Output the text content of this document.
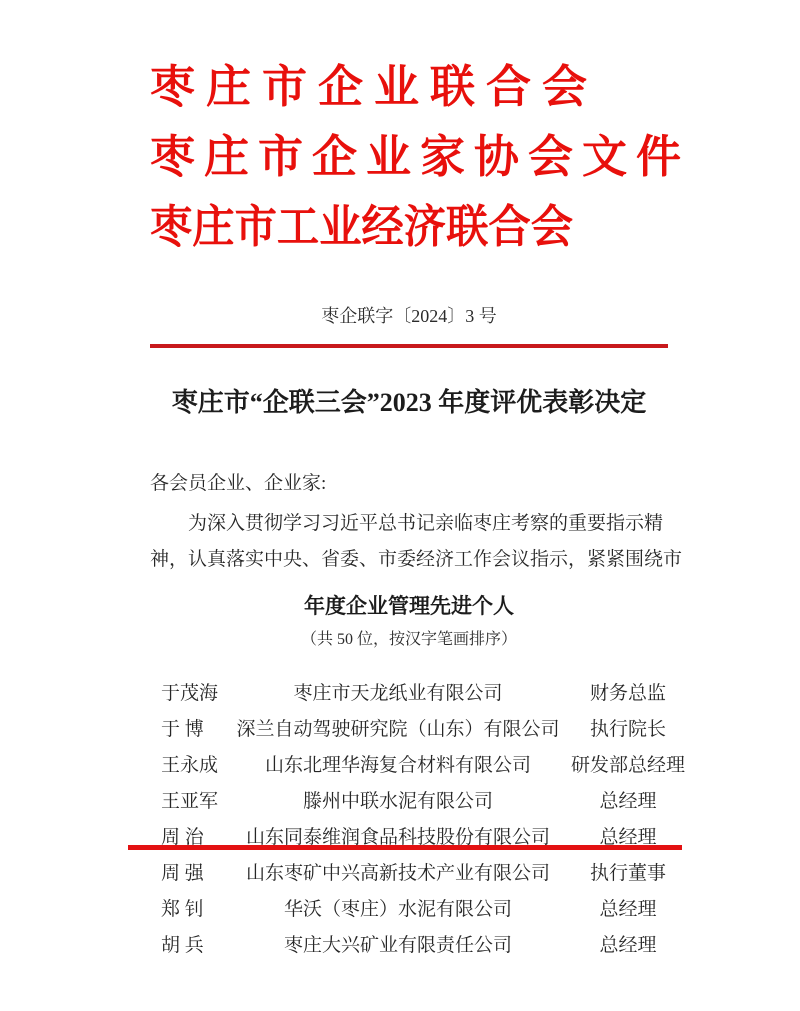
枣庄市企业联合会
枣庄市企业家协会文件
枣庄市工业经济联合会
枣企联字〔2024〕3 号
枣庄市“企联三会”2023 年度评优表彰决定
各会员企业、企业家:
为深入贯彻学习习近平总书记亲临枣庄考察的重要指示精
神，认真落实中央、省委、市委经济工作会议指示，紧紧围绕市
年度企业管理先进个人
（共 50 位，按汉字笔画排序）
于茂海	枣庄市天龙纸业有限公司	财务总监
于 博	深兰自动驾驶研究院（山东）有限公司	执行院长
王永成	山东北理华海复合材料有限公司	研发部总经理
王亚军	滕州中联水泥有限公司	总经理
周 治	山东同泰维润食品科技股份有限公司	总经理
周 强	山东枣矿中兴高新技术产业有限公司	执行董事
郑 钊	华沃（枣庄）水泥有限公司	总经理
胡 兵	枣庄大兴矿业有限责任公司	总经理
